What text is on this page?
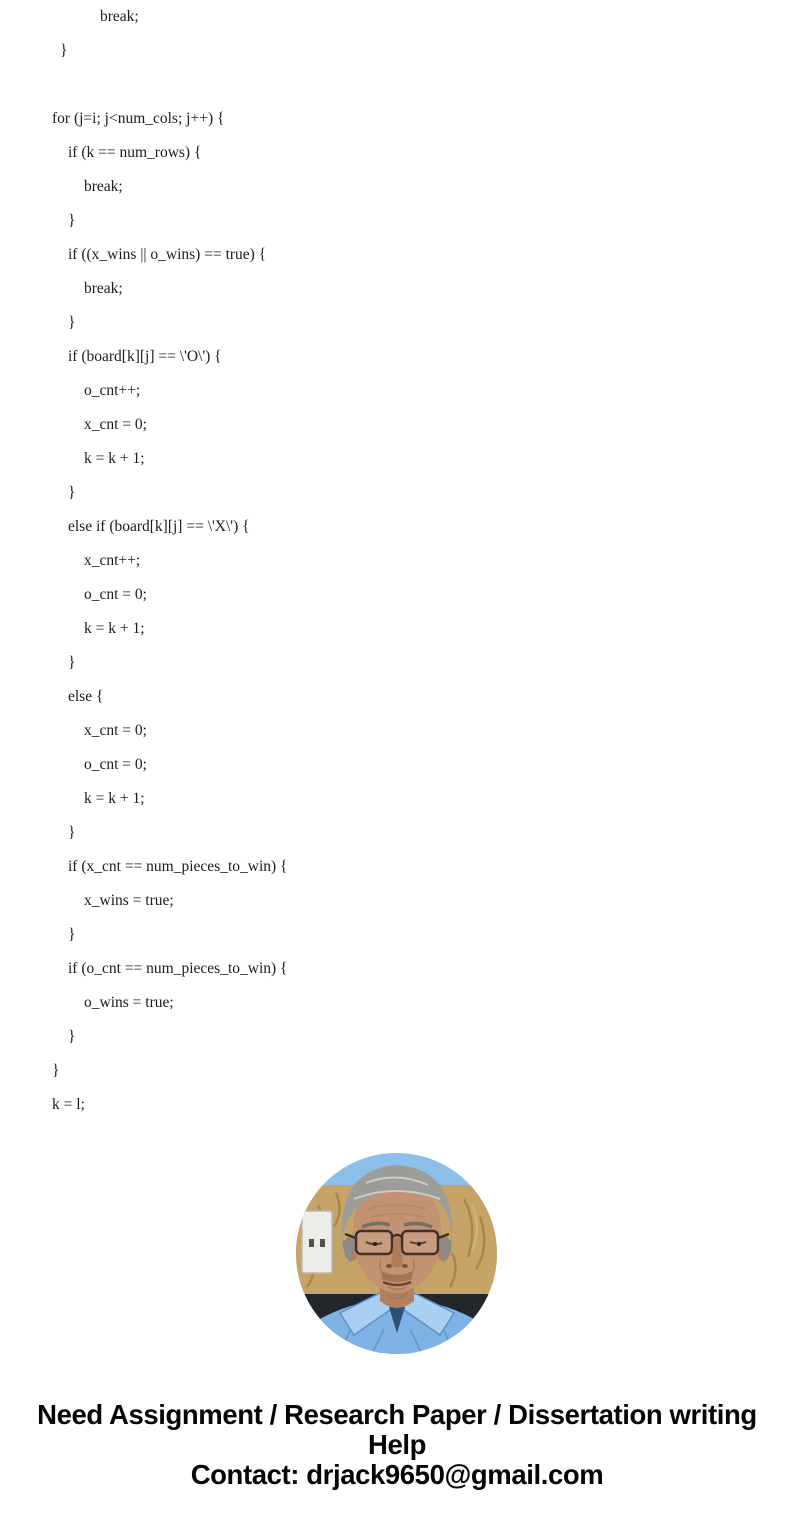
break;
}

for (j=i; j<num_cols; j++) {
if (k == num_rows) {
break;
}
if ((x_wins || o_wins) == true) {
break;
}
if (board[k][j] == \'O\') {
o_cnt++;
x_cnt = 0;
k = k + 1;
}
else if (board[k][j] == \'X\') {
x_cnt++;
o_cnt = 0;
k = k + 1;
}
else {
x_cnt = 0;
o_cnt = 0;
k = k + 1;
}
if (x_cnt == num_pieces_to_win) {
x_wins = true;
}
if (o_cnt == num_pieces_to_win) {
o_wins = true;
}
}
k = l;
Need Assignment / Research Paper / Dissertation writing Help

Contact: drjack9650@gmail.com
